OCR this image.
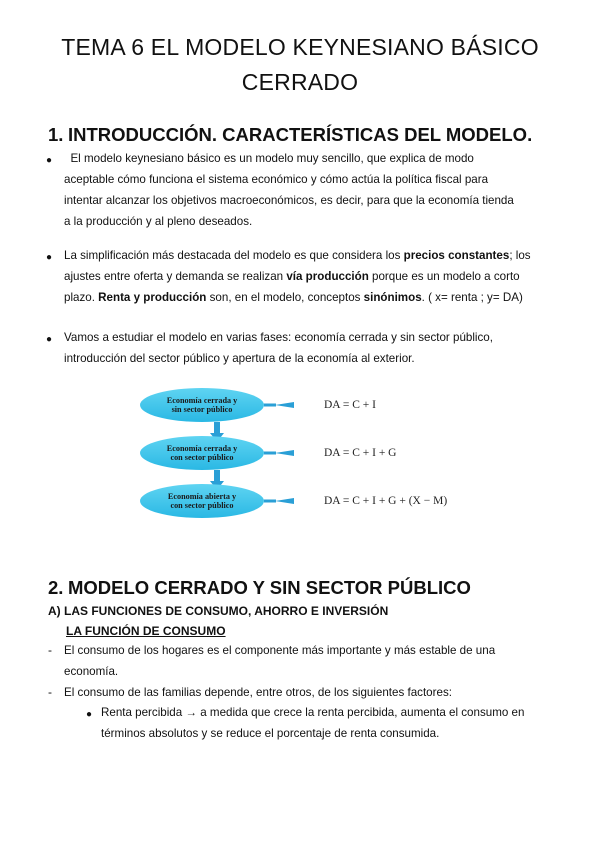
TEMA 6 EL MODELO KEYNESIANO BÁSICO
CERRADO
1. INTRODUCCIÓN. CARACTERÍSTICAS DEL MODELO.
● El modelo keynesiano básico es un modelo muy sencillo, que explica de modo
aceptable cómo funciona el sistema económico y cómo actúa la política fiscal para
intentar alcanzar los objetivos macroeconómicos, es decir, para que la economía tienda
a la producción y al pleno deseados.
● La simplificación más destacada del modelo es que considera los precios constantes; los
ajustes entre oferta y demanda se realizan vía producción porque es un modelo a corto
plazo. Renta y producción son, en el modelo, conceptos sinónimos. ( x= renta ; y= DA)
● Vamos a estudiar el modelo en varias fases: economía cerrada y sin sector público,
introducción del sector público y apertura de la economía al exterior.
Economía cerrada y
sin sector público
Economía cerrada y
con sector público
Economía abierta y
con sector público
DA = C + I
DA = C + I + G
DA = C + I + G + (X − M)
2. MODELO CERRADO Y SIN SECTOR PÚBLICO
A) LAS FUNCIONES DE CONSUMO, AHORRO E INVERSIÓN
LA FUNCIÓN DE CONSUMO
- El consumo de los hogares es el componente más importante y más estable de una
economía.
- El consumo de las familias depende, entre otros, de los siguientes factores:
● Renta percibida → a medida que crece la renta percibida, aumenta el consumo en
términos absolutos y se reduce el porcentaje de renta consumida.
